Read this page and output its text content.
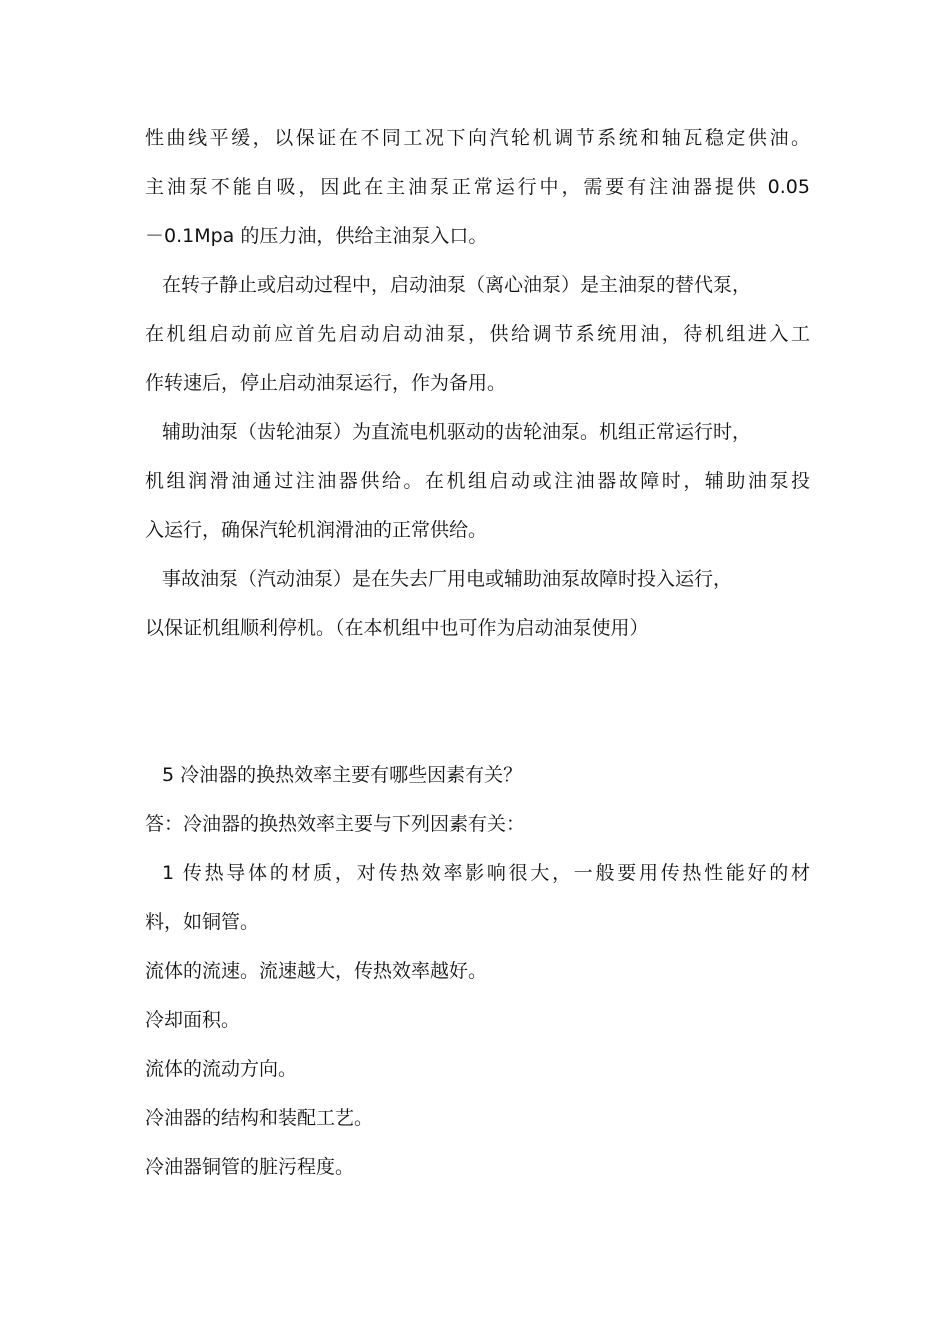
性曲线平缓，以保证在不同工况下向汽轮机调节系统和轴瓦稳定供油。
主油泵不能自吸，因此在主油泵正常运行中，需要有注油器提供 0.05
－0.1Mpa 的压力油，供给主油泵入口。
在转子静止或启动过程中，启动油泵（离心油泵）是主油泵的替代泵，
在机组启动前应首先启动启动油泵，供给调节系统用油，待机组进入工
作转速后，停止启动油泵运行，作为备用。
辅助油泵（齿轮油泵）为直流电机驱动的齿轮油泵。机组正常运行时，
机组润滑油通过注油器供给。在机组启动或注油器故障时，辅助油泵投
入运行，确保汽轮机润滑油的正常供给。
事故油泵（汽动油泵）是在失去厂用电或辅助油泵故障时投入运行，
以保证机组顺利停机。（在本机组中也可作为启动油泵使用）
5 冷油器的换热效率主要有哪些因素有关？
答：冷油器的换热效率主要与下列因素有关：
1 传热导体的材质，对传热效率影响很大，一般要用传热性能好的材
料，如铜管。
流体的流速。流速越大，传热效率越好。
冷却面积。
流体的流动方向。
冷油器的结构和装配工艺。
冷油器铜管的脏污程度。
